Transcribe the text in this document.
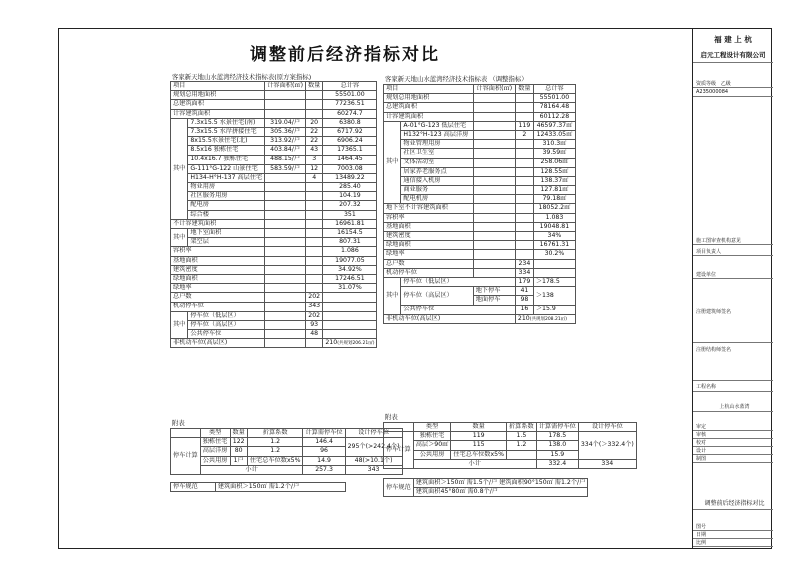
调整前后经济指标对比
客家新天地山水蓝湾经济技术指标表(原方案指标)
项目		计容面积(㎡)	数量	总计容
规划总用地面积				55501.00
总建筑面积				77236.51
计容建筑面积				60274.7
其中	7.3x15.5 水景住宅(南)	319.04/户	20	6380.8
	7.3x15.5 水岸拼接住宅	305.36/户	22	6717.92
	8x15.5水景住宅(北)	313.92/户	22	6906.24
	8.5x16 独栋住宅	403.84/户	43	17365.1
	10.4x16.7 独栋住宅	488.15/户	3	1464.45
	G-111°G-122 山景住宅	583.59/户	12	7003.08
	H134-H°H-137 高层住宅		4	13489.22
	物业用房			285.40
	社区服务用房			104.19
	配电房			207.32
	综合楼			351
不计容建筑面积				16961.81
其中	地下室面积			16154.5
	架空层			807.31
容积率				1.086
基地面积				19077.05
建筑密度				34.92%
绿地面积				17246.51
绿地率				31.07%
总户数			202	
机动停车位			343	
其中	停车位（低层区）		202	
	停车位（高层区）		93	
	公共停车位		48	
非机动车位(高层区)				210(共规划206.21㎡)
附表
	类型	数量	折算系数	计算需停车位	设计停车位
停车计算	独栋住宅	122	1.2	146.4	295个(>242.4个)
	高层洋房	80	1.2	96	
	公共用房	1户	住宅总车位数x5%	14.9	48(>10.1个)
	小计			257.3	343
停车规范	建筑面积＞150㎡ 需1.2个/户
客家新天地山水蓝湾经济技术指标表 （调整指标）
项目		计容面积(㎡)	数量	总计容
规划总用地面积				55501.00
总建筑面积				78164.48
计容建筑面积				60112.28
其中	A-01°G-123 低层住宅		119	46597.37㎡
	H132°H-123 高层洋房		2	12433.05㎡
	物业管理用房			310.3㎡
	社区卫生室			39.59㎡
	文体活动室			258.06㎡
	居家养老服务点			128.55㎡
	通信接入机房			138.37㎡
	商业服务			127.81㎡
	配电机房			79.18㎡
地下室不计容建筑面积				18052.2㎡
容积率				1.083
基地面积				19048.81
建筑密度				34%
绿地面积				16761.31
绿地率				30.2%
总户数			234	
机动停车位			334	
其中	停车位（低层区）		179	＞178.5
	停车位（高层区）	地下停车	41	＞138
		地面停车	98	
	公共停车位		16	＞15.9
非机动车位(高层区)			210(共规划208.21㎡)	
附表
	类型	数量	折算系数	计算需停车位	设计停车位
停车计算	独栋住宅	119	1.5	178.5	334个(＞332.4个)
	高层＞90㎡	115	1.2	138.0	
	公共用房	住宅总车位数x5%		15.9	
	小计			332.4	334
停车规范	建筑面积＞150㎡ 需1.5个/户 建筑面积90°150㎡ 需1.2个/户
建筑面积45°80㎡ 需0.8个/户
福 建 上 杭
启元工程设计有限公司
资质等级 乙级
A235000084
施工图审查机构意见
项目负责人
建设单位
注册建筑师签名
注册结构师签名
工程名称
上杭山水蓝湾
审定
审核
校对
设计
制图
调整前后经济指标对比
图号
日期
比例
